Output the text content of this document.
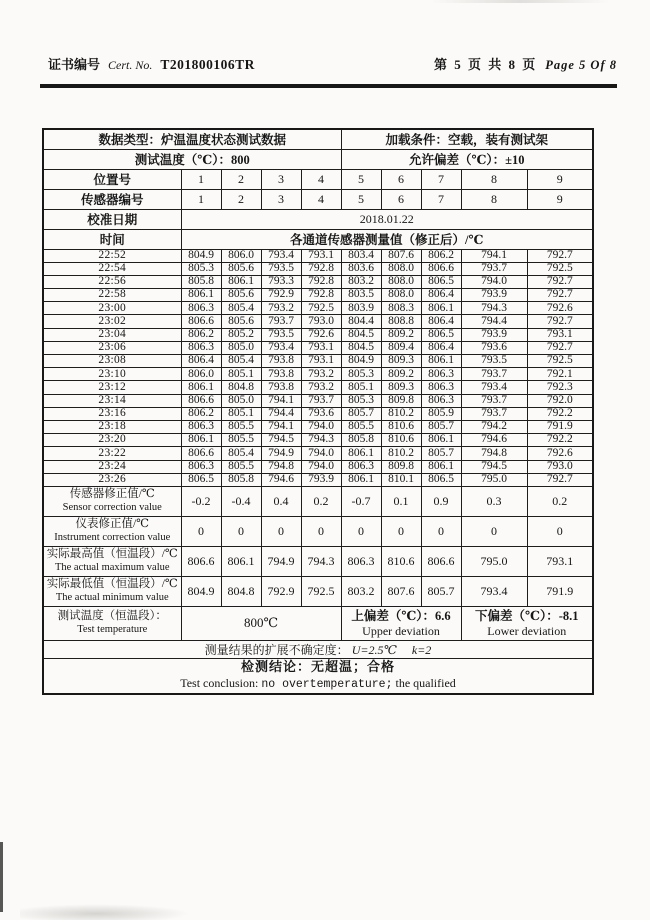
证书编号 Cert. No. T201800106TR	第 5 页 共 8 页 Page 5 Of 8
数据类型：炉温温度状态测试数据					加载条件：空载，装有测试架				
测试温度（℃）：800					允许偏差（℃）：±10				
位置号	1	2	3	4	5	6	7	8	9
传感器编号	1	2	3	4	5	6	7	8	9
校准日期	2018.01.22								
时间	各通道传感器测量值（修正后）/℃								
22:52	804.9	806.0	793.4	793.1	803.4	807.6	806.2	794.1	792.7
22:54	805.3	805.6	793.5	792.8	803.6	808.0	806.6	793.7	792.5
22:56	805.8	806.1	793.3	792.8	803.2	808.0	806.5	794.0	792.7
22:58	806.1	805.6	792.9	792.8	803.5	808.0	806.4	793.9	792.7
23:00	806.3	805.4	793.2	792.5	803.9	808.3	806.1	794.3	792.6
23:02	806.6	805.6	793.7	793.0	804.4	808.8	806.4	794.4	792.7
23:04	806.2	805.2	793.5	792.6	804.5	809.2	806.5	793.9	793.1
23:06	806.3	805.0	793.4	793.1	804.5	809.4	806.4	793.6	792.7
23:08	806.4	805.4	793.8	793.1	804.9	809.3	806.1	793.5	792.5
23:10	806.0	805.1	793.8	793.2	805.3	809.2	806.3	793.7	792.1
23:12	806.1	804.8	793.8	793.2	805.1	809.3	806.3	793.4	792.3
23:14	806.6	805.0	794.1	793.7	805.3	809.8	806.3	793.7	792.0
23:16	806.2	805.1	794.4	793.6	805.7	810.2	805.9	793.7	792.2
23:18	806.3	805.5	794.1	794.0	805.5	810.6	805.7	794.2	791.9
23:20	806.1	805.5	794.5	794.3	805.8	810.6	806.1	794.6	792.2
23:22	806.6	805.4	794.9	794.0	806.1	810.2	805.7	794.8	792.6
23:24	806.3	805.5	794.8	794.0	806.3	809.8	806.1	794.5	793.0
23:26	806.5	805.8	794.6	793.9	806.1	810.1	806.5	795.0	792.7

传感器修正值/℃
Sensor correction value	-0.2	-0.4	0.4	0.2	-0.7	0.1	0.9	0.3	0.2

仪表修正值/℃
Instrument correction value	0	0	0	0	0	0	0	0	0

实际最高值（恒温段）/℃
The actual maximum value	806.6	806.1	794.9	794.3	806.3	810.6	806.6	795.0	793.1

实际最低值（恒温段）/℃
The actual minimum value	804.9	804.8	792.9	792.5	803.2	807.6	805.7	793.4	791.9

测试温度（恒温段）：
Test temperature	800℃	上偏差（℃）：6.6
Upper deviation

下偏差（℃）：-8.1
Lower deviation

测量结果的扩展不确定度： U=2.5℃ k=2									

检测结论：无超温；合格
Test conclusion: no overtemperature; the qualified									
